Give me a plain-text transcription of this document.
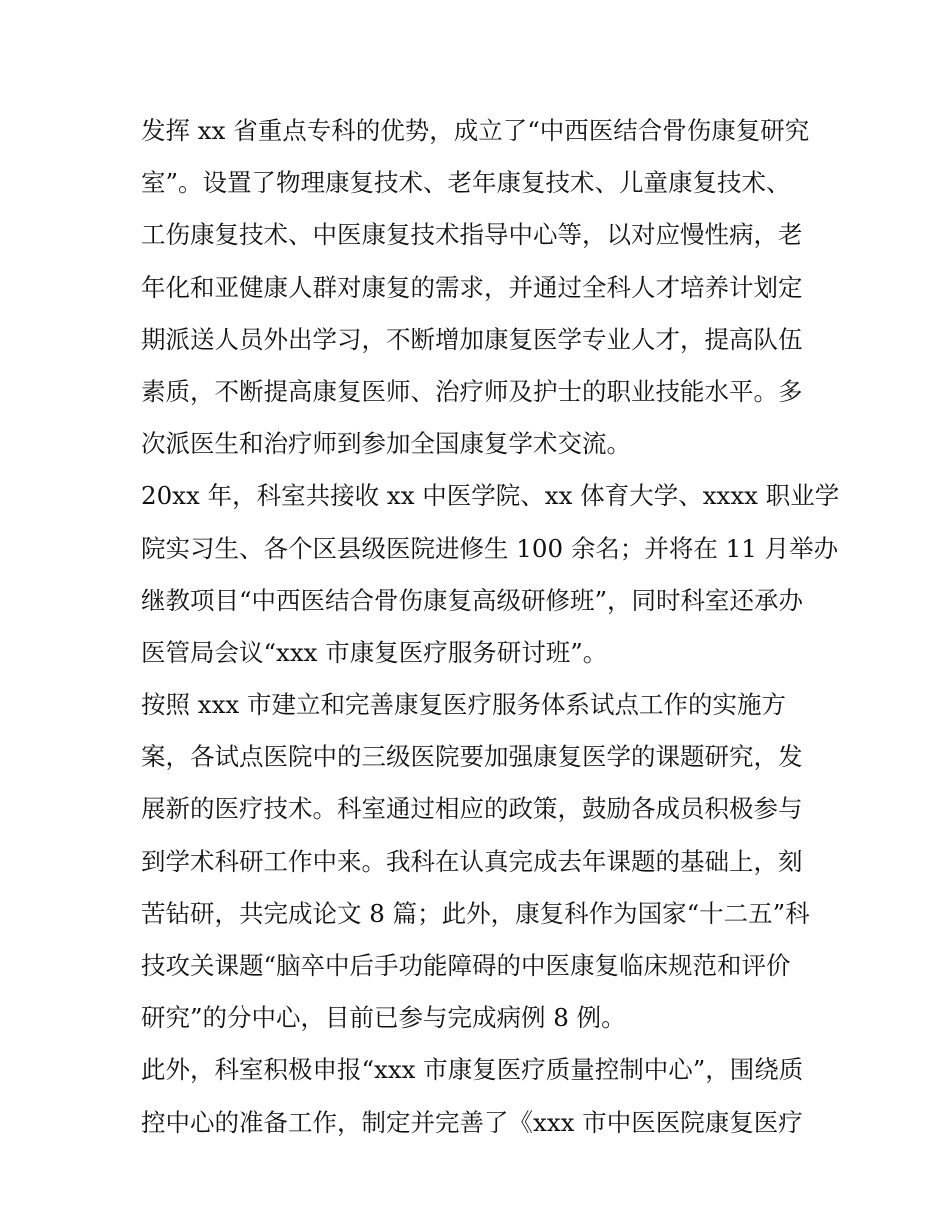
发挥 xx 省重点专科的优势，成立了“中西医结合骨伤康复研究
室”。设置了物理康复技术、老年康复技术、儿童康复技术、
工伤康复技术、中医康复技术指导中心等，以对应慢性病，老
年化和亚健康人群对康复的需求，并通过全科人才培养计划定
期派送人员外出学习，不断增加康复医学专业人才，提高队伍
素质，不断提高康复医师、治疗师及护士的职业技能水平。多
次派医生和治疗师到参加全国康复学术交流。
20xx 年，科室共接收 xx 中医学院、xx 体育大学、xxxx 职业学
院实习生、各个区县级医院进修生 100 余名；并将在 11 月举办
继教项目“中西医结合骨伤康复高级研修班”，同时科室还承办
医管局会议“xxx 市康复医疗服务研讨班”。
按照 xxx 市建立和完善康复医疗服务体系试点工作的实施方
案，各试点医院中的三级医院要加强康复医学的课题研究，发
展新的医疗技术。科室通过相应的政策，鼓励各成员积极参与
到学术科研工作中来。我科在认真完成去年课题的基础上，刻
苦钻研，共完成论文 8 篇；此外，康复科作为国家“十二五”科
技攻关课题“脑卒中后手功能障碍的中医康复临床规范和评价
研究”的分中心，目前已参与完成病例 8 例。
此外，科室积极申报“xxx 市康复医疗质量控制中心”，围绕质
控中心的准备工作，制定并完善了《xxx 市中医医院康复医疗
